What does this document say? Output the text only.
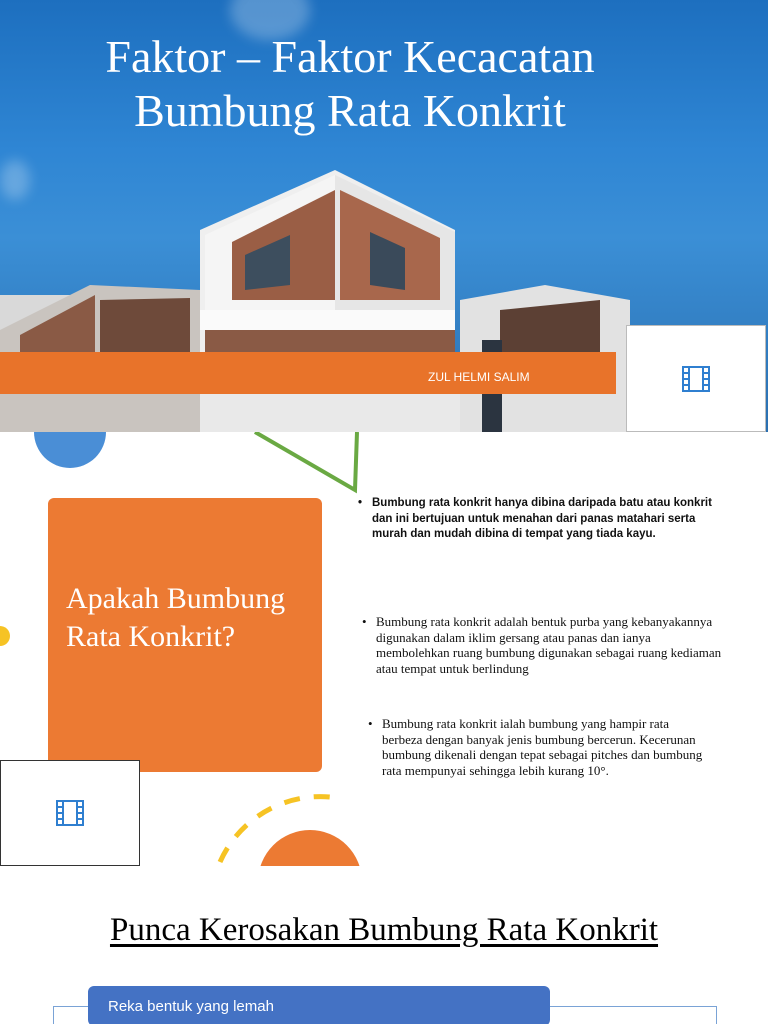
Faktor – Faktor Kecacatan
Bumbung Rata Konkrit
ZUL HELMI SALIM
Apakah Bumbung Rata Konkrit?
• Bumbung rata konkrit hanya dibina daripada batu atau konkrit dan ini bertujuan untuk menahan dari panas matahari serta murah dan mudah dibina di tempat yang tiada kayu.
• Bumbung rata konkrit adalah bentuk purba yang kebanyakannya digunakan dalam iklim gersang atau panas dan ianya membolehkan ruang bumbung digunakan sebagai ruang kediaman atau tempat untuk berlindung
• Bumbung rata konkrit ialah bumbung yang hampir rata berbeza dengan banyak jenis bumbung bercerun. Kecerunan bumbung dikenali dengan tepat sebagai pitches dan bumbung rata mempunyai sehingga lebih kurang 10°.
Punca Kerosakan Bumbung Rata Konkrit
Reka bentuk yang lemah
